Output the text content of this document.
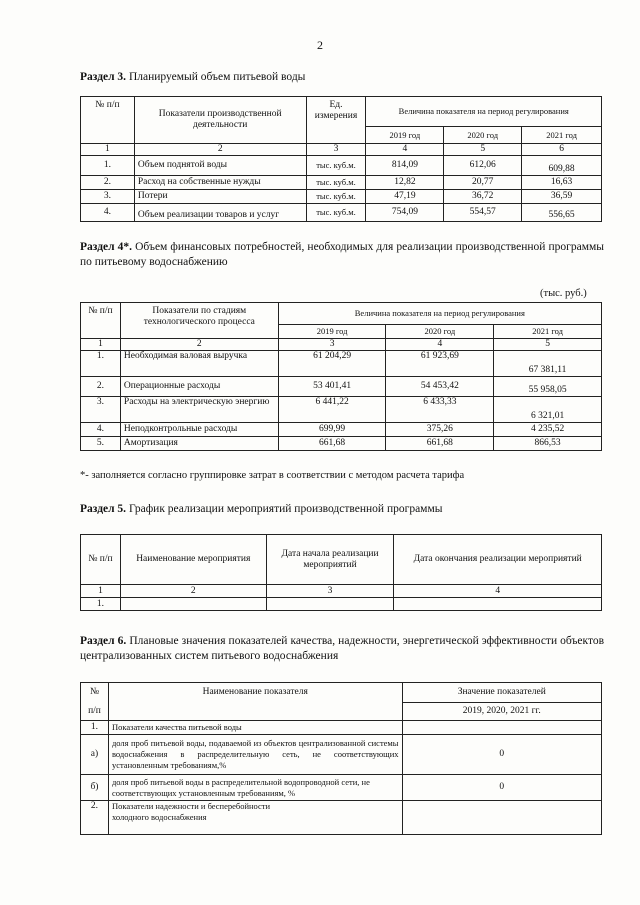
2
Раздел 3. Планируемый объем питьевой воды
№ п/п	Показатели производственной деятельности	Ед. измерения	Величина показателя на период регулирования		
			2019 год	2020 год	2021 год
1	2	3	4	5	6
1.	Объем поднятой воды	тыс. куб.м.	814,09	612,06	609,88
2.	Расход на собственные нужды	тыс. куб.м.	12,82	20,77	16,63
3.	Потери	тыс. куб.м.	47,19	36,72	36,59
4.	Объем реализации товаров и услуг	тыс. куб.м.	754,09	554,57	556,65
Раздел 4*. Объем финансовых потребностей, необходимых для реализации производственной программы по питьевому водоснабжению
(тыс. руб.)
№ п/п	Показатели по стадиям технологического процесса	Величина показателя на период регулирования		
		2019 год	2020 год	2021 год
1	2	3	4	5
1.	Необходимая валовая выручка	61 204,29	61 923,69	67 381,11
2.	Операционные расходы	53 401,41	54 453,42	55 958,05
3.	Расходы на электрическую энергию	6 441,22	6 433,33	6 321,01
4.	Неподконтрольные расходы	699,99	375,26	4 235,52
5.	Амортизация	661,68	661,68	866,53
*- заполняется согласно группировке затрат в соответствии с методом расчета тарифа
Раздел 5. График реализации мероприятий производственной программы
№ п/п	Наименование мероприятия	Дата начала реализации мероприятий	Дата окончания реализации мероприятий
1	2	3	4
1.			
Раздел 6. Плановые значения показателей качества, надежности, энергетической эффективности объектов централизованных систем питьевого водоснабжения
№	Наименование показателя	Значение показателей
п/п		2019, 2020, 2021 гг.
1.	Показатели качества питьевой воды	
а)	доля проб питьевой воды, подаваемой из объектов централизованной системы водоснабжения в распределительную сеть, не соответствующих установленным требованиям,%	0
б)	доля проб питьевой воды в распределительной водопроводной сети, не соответствующих установленным требованиям, %	0
2.	Показатели надежности и бесперебойности холодного водоснабжения	
